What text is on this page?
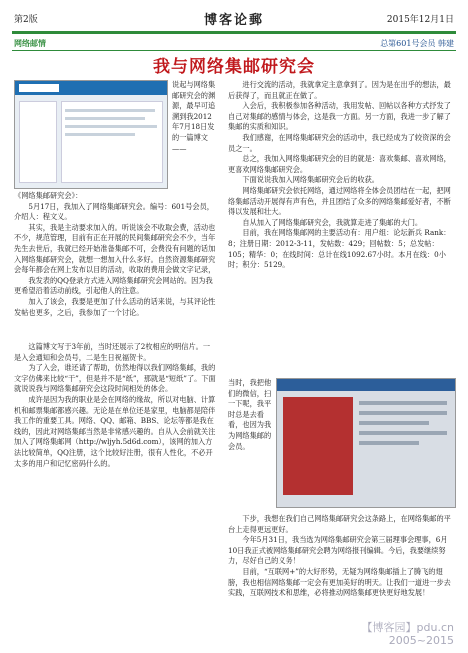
第2版	博客论郵	2015年12月1日
网络邮情	总第601号会员 韩建
我与网络集邮研究会
说起与网络集邮研究会的渊源，最早可追溯到我2012年7月18日发的一篇博文——

《网络集邮研究会》：

5月17日，我加入了网络集邮研究会。编号：601号会员，介绍人：程文义。

其实，我是主动要求加入的。听说该会不收取会费，活动也不少，规范管理，目前有正在开展的民间集邮研究会不少，当年先生去世后，我就已经开始准备集邮不可，会费没有问题的话加入网络集邮研究会，就想一想加入什么多好。自然资源集邮研究会每年都会在网上发布以目的活动，收取的费用会做文字记录，

我发表的QQ登录方式进入网络集邮研究会网站的。因为我更希望沿着活动前线，引起他人的注意。

加入了该会，我要是更加了什么活动的话来说，与其评论性发帖也更多，之后，我参加了一个讨论。

这篇博文写于3年前，当时还展示了2枚相应的明信片。一是入会通知和会员号，二是生日祝福贺卡。

为了入会，谁还请了帮助，仿然地得以我们网络集邮，我的文字仿佛来比较“干”，但是并不是“纸”，那就是“短纸”了。下面就说说我与网络集邮研究会这段时间相处的体会。

成许是因为我的职业是会在网络的缘故，所以对电脑、计算机和邮票集邮都感兴趣。无论是在单位还是家里，电脑都是陪伴我工作的重要工具。网络、QQ、邮箱、BBS、论坛等都是我在线的，因此对网络集邮当然是非常感兴趣的。自从入会前就关注加入了网络集邮网（http://wljyh.5d6d.com），该网的加入方法比较简单，QQ注册，这个比较好注册，很有人性化，不必开太多的用户和记忆密码什么的。

进行交流的活动，我就拿定主意拿到了。因为是在出乎的想法，最后获得了，而且就正在做了。

入会后，我积极参加各种活动，我用发帖、回帖以各种方式抒发了自己对集邮的感情与体会，这是我一方面。另一方面，我进一步了解了集邮的实质和知识。

我们感谢，在网络集邮研究会的活动中，我已经成为了较资深的会员之一。

总之，我加入网络集邮研究会的目的就是：喜欢集邮、喜欢网络，更喜欢网络集邮研究会。

下面说说我加入网络集邮研究会后的收获。

网络集邮研究会依托网络，通过网络将全体会员团结在一起，把网络集邮活动开展得有声有色，并且团结了众多的网络集邮爱好者，不断得以发展和壮大。

自从加入了网络集邮研究会，我就算走进了集邮的大门。

目前，我在网络集邮网的主要活动有：用户组：论坛新兵 Rank：8；注册日期：2012-3-11，发帖数：429；回帖数：5；总发帖：105；精华：0；在线时间：总计在线1092.67小时。本月在线：0小时；积分：5129。

当时，我把他们的微信，扫一下呢，我平时总是去看看，也因为我为网络集邮的会员。

下步，我想在我们自己网络集邮研究会这条路上，在网络集邮的平台上走得更远更好。

今年5月31日，我当选为网络集邮研究会第三届理事会理事，6月10日我正式被网络集邮研究会聘为网络报刊编辑。今后，我要继续努力，尽好自己的义务！

目前，“互联网+”的大好形势，无疑为网络集邮插上了腾飞的翅膀，我也相信网络集邮一定会有更加美好的明天。让我们一道进一步去实践，互联网技术和思维，必将推动网络集邮更快更好地发展！

【博客园】pdu.cn
2005~2015
